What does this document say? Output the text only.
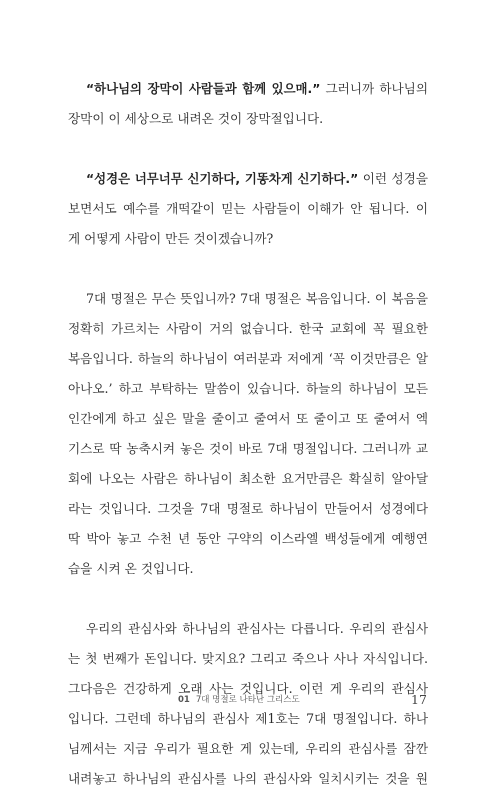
“하나님의 장막이 사람들과 함께 있으매.” 그러니까 하나님의
장막이 이 세상으로 내려온 것이 장막절입니다.
“성경은 너무너무 신기하다, 기똥차게 신기하다.” 이런 성경을
보면서도 예수를 개떡같이 믿는 사람들이 이해가 안 됩니다. 이
게 어떻게 사람이 만든 것이겠습니까?
7대 명절은 무슨 뜻입니까? 7대 명절은 복음입니다. 이 복음을
정확히 가르치는 사람이 거의 없습니다. 한국 교회에 꼭 필요한
복음입니다. 하늘의 하나님이 여러분과 저에게 ‘꼭 이것만큼은 알
아나오.’ 하고 부탁하는 말씀이 있습니다. 하늘의 하나님이 모든
인간에게 하고 싶은 말을 줄이고 줄여서 또 줄이고 또 줄여서 엑
기스로 딱 농축시켜 놓은 것이 바로 7대 명절입니다. 그러니까 교
회에 나오는 사람은 하나님이 최소한 요거만큼은 확실히 알아달
라는 것입니다. 그것을 7대 명절로 하나님이 만들어서 성경에다
딱 박아 놓고 수천 년 동안 구약의 이스라엘 백성들에게 예행연
습을 시켜 온 것입니다.
우리의 관심사와 하나님의 관심사는 다릅니다. 우리의 관심사
는 첫 번째가 돈입니다. 맞지요? 그리고 죽으나 사나 자식입니다.
그다음은 건강하게 오래 사는 것입니다. 이런 게 우리의 관심사
입니다. 그런데 하나님의 관심사 제1호는 7대 명절입니다. 하나
님께서는 지금 우리가 필요한 게 있는데, 우리의 관심사를 잠깐
내려놓고 하나님의 관심사를 나의 관심사와 일치시키는 것을 원
01 7대 명절로 나타난 그리스도	17
